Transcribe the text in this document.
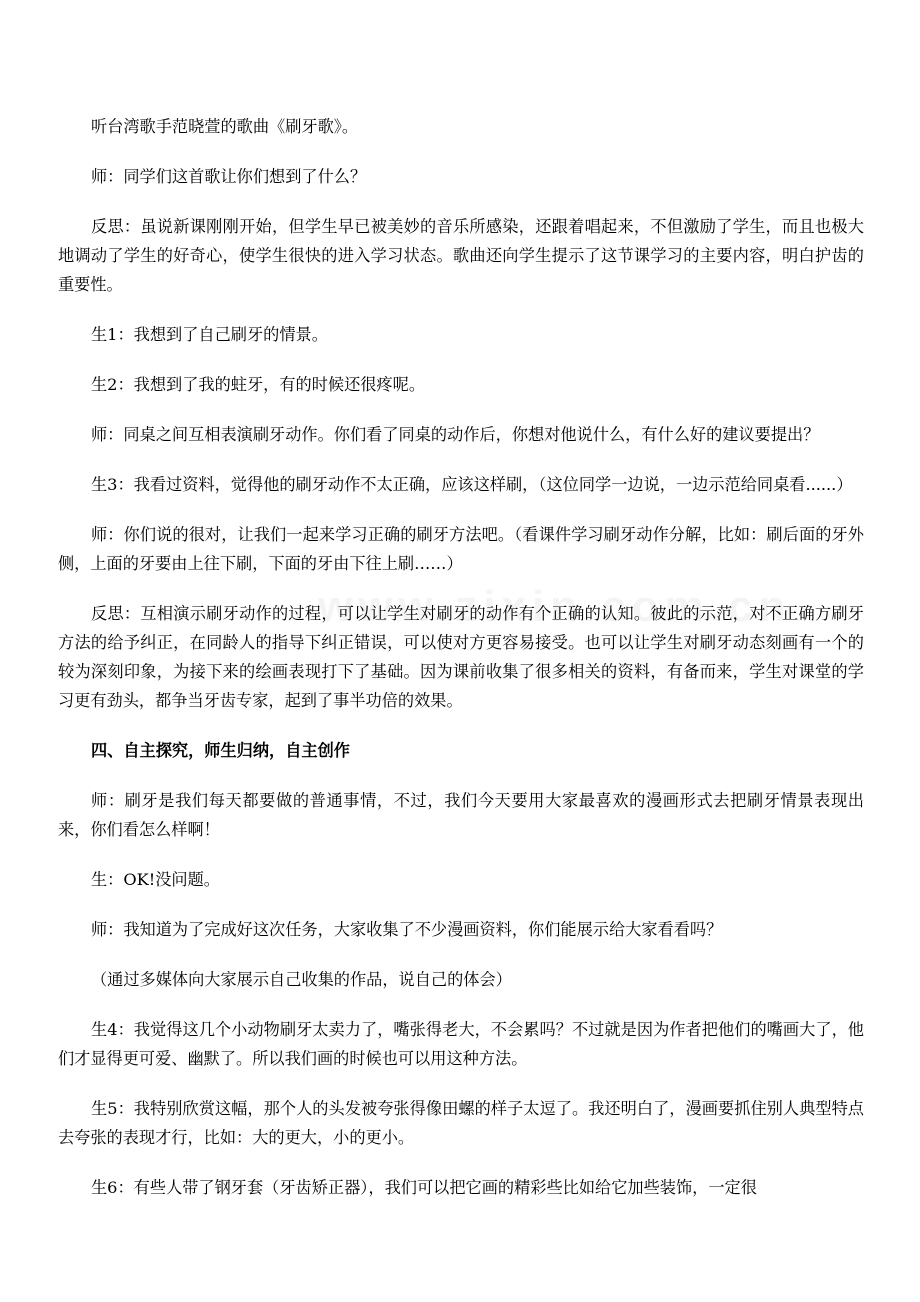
听台湾歌手范晓萱的歌曲《刷牙歌》。

师：同学们这首歌让你们想到了什么？

反思：虽说新课刚刚开始，但学生早已被美妙的音乐所感染，还跟着唱起来，不但激励了学生，而且也极大地调动了学生的好奇心，使学生很快的进入学习状态。歌曲还向学生提示了这节课学习的主要内容，明白护齿的重要性。

生1：我想到了自己刷牙的情景。

生2：我想到了我的蛀牙，有的时候还很疼呢。

师：同桌之间互相表演刷牙动作。你们看了同桌的动作后，你想对他说什么，有什么好的建议要提出？

生3：我看过资料，觉得他的刷牙动作不太正确，应该这样刷，（这位同学一边说，一边示范给同桌看......）

师：你们说的很对，让我们一起来学习正确的刷牙方法吧。（看课件学习刷牙动作分解，比如：刷后面的牙外侧，上面的牙要由上往下刷，下面的牙由下往上刷……）

反思：互相演示刷牙动作的过程，可以让学生对刷牙的动作有个正确的认知。彼此的示范，对不正确方刷牙方法的给予纠正，在同龄人的指导下纠正错误，可以使对方更容易接受。也可以让学生对刷牙动态刻画有一个的较为深刻印象，为接下来的绘画表现打下了基础。因为课前收集了很多相关的资料，有备而来，学生对课堂的学习更有劲头，都争当牙齿专家，起到了事半功倍的效果。

四、自主探究，师生归纳，自主创作

师：刷牙是我们每天都要做的普通事情，不过，我们今天要用大家最喜欢的漫画形式去把刷牙情景表现出来，你们看怎么样啊！

生：OK!没问题。

师：我知道为了完成好这次任务，大家收集了不少漫画资料，你们能展示给大家看看吗？

（通过多媒体向大家展示自己收集的作品，说自己的体会）

生4：我觉得这几个小动物刷牙太卖力了，嘴张得老大，不会累吗？不过就是因为作者把他们的嘴画大了，他们才显得更可爱、幽默了。所以我们画的时候也可以用这种方法。

生5：我特别欣赏这幅，那个人的头发被夸张得像田螺的样子太逗了。我还明白了，漫画要抓住别人典型特点去夸张的表现才行，比如：大的更大，小的更小。

生6：有些人带了钢牙套（牙齿矫正器），我们可以把它画的精彩些比如给它加些装饰，一定很
